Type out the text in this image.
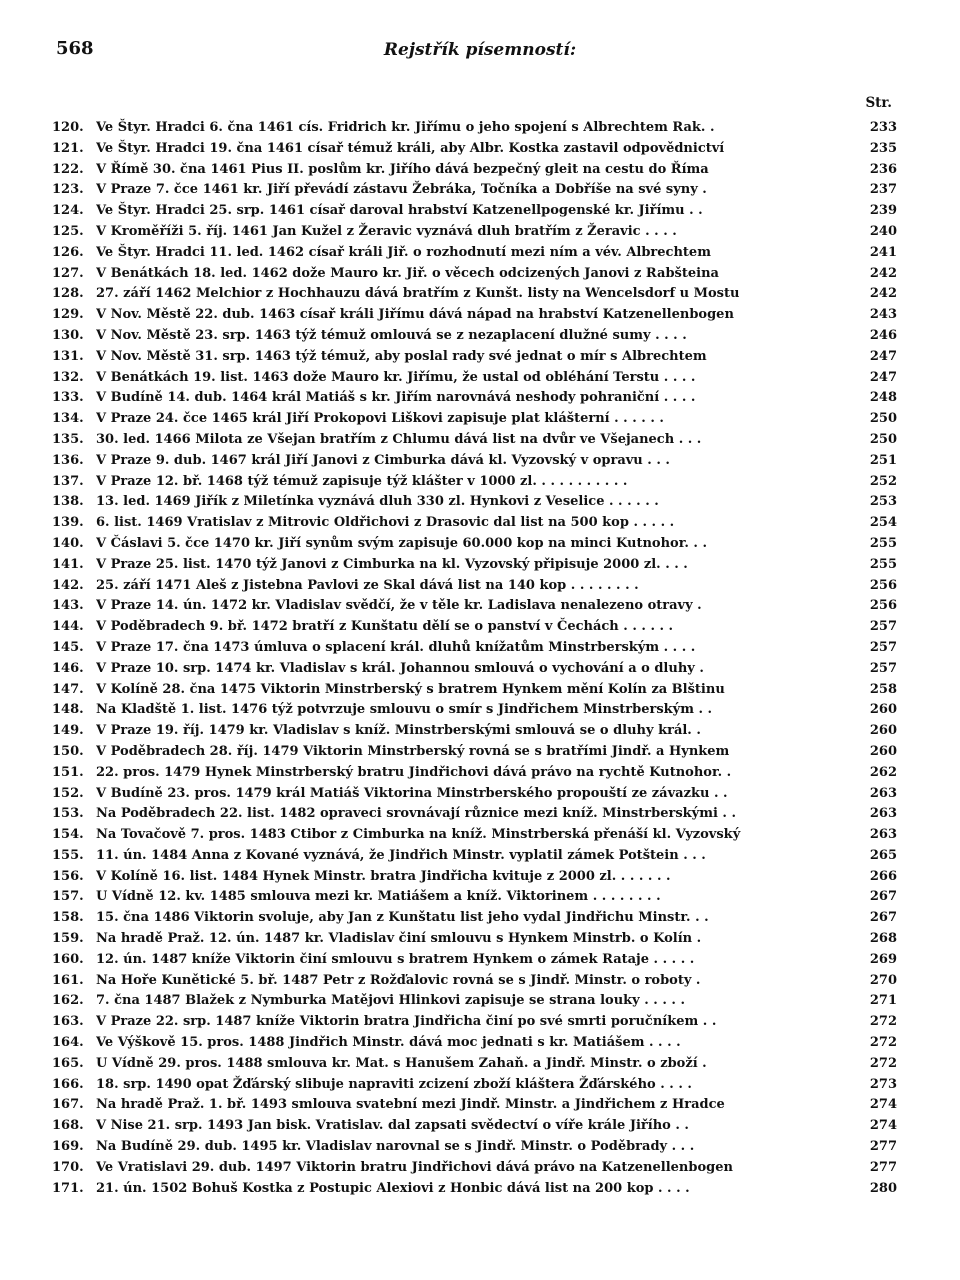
568	Rejstřík písemností:
Str.
120. Ve Štyr. Hradci 6. čna 1461 cís. Fridrich kr. Jiřímu o jeho spojení s Albrechtem Rak. .	233
121. Ve Štyr. Hradci 19. čna 1461 císař témuž králi, aby Albr. Kostka zastavil odpovědnictví	235
122. V Římě 30. čna 1461 Pius II. poslům kr. Jiřího dává bezpečný gleit na cestu do Říma	236
123. V Praze 7. čce 1461 kr. Jiří převádí zástavu Žebráka, Točníka a Dobříše na své syny .	237
124. Ve Štyr. Hradci 25. srp. 1461 císař daroval hrabství Katzenellpogenské kr. Jiřímu . .	239
125. V Kroměříži 5. říj. 1461 Jan Kužel z Žeravic vyznává dluh bratřím z Žeravic . . . .	240
126. Ve Štyr. Hradci 11. led. 1462 císař králi Jiř. o rozhodnutí mezi ním a vév. Albrechtem	241
127. V Benátkách 18. led. 1462 dože Mauro kr. Jiř. o věcech odcizených Janovi z Rabšteina	242
128. 27. září 1462 Melchior z Hochhauzu dává bratřím z Kunšt. listy na Wencelsdorf u Mostu	242
129. V Nov. Městě 22. dub. 1463 císař králi Jiřímu dává nápad na hrabství Katzenellenbogen	243
130. V Nov. Městě 23. srp. 1463 týž témuž omlouvá se z nezaplacení dlužné sumy . . . .	246
131. V Nov. Městě 31. srp. 1463 týž témuž, aby poslal rady své jednat o mír s Albrechtem	247
132. V Benátkách 19. list. 1463 dože Mauro kr. Jiřímu, že ustal od obléhání Terstu . . . .	247
133. V Budíně 14. dub. 1464 král Matiáš s kr. Jiřím narovnává neshody pohraniční . . . .	248
134. V Praze 24. čce 1465 král Jiří Prokopovi Liškovi zapisuje plat klášterní . . . . . .	250
135. 30. led. 1466 Milota ze Všejan bratřím z Chlumu dává list na dvůr ve Všejanech . . .	250
136. V Praze 9. dub. 1467 král Jiří Janovi z Cimburka dává kl. Vyzovský v opravu . . .	251
137. V Praze 12. bř. 1468 týž témuž zapisuje týž klášter v 1000 zl. . . . . . . . . . .	252
138. 13. led. 1469 Jiřík z Miletínka vyznává dluh 330 zl. Hynkovi z Veselice . . . . . .	253
139. 6. list. 1469 Vratislav z Mitrovic Oldřichovi z Drasovic dal list na 500 kop . . . . .	254
140. V Čáslavi 5. čce 1470 kr. Jiří synům svým zapisuje 60.000 kop na minci Kutnohor. . .	255
141. V Praze 25. list. 1470 týž Janovi z Cimburka na kl. Vyzovský připisuje 2000 zl. . . .	255
142. 25. září 1471 Aleš z Jistebna Pavlovi ze Skal dává list na 140 kop . . . . . . . .	256
143. V Praze 14. ún. 1472 kr. Vladislav svědčí, že v těle kr. Ladislava nenalezeno otravy .	256
144. V Poděbradech 9. bř. 1472 bratří z Kunštatu dělí se o panství v Čechách . . . . . .	257
145. V Praze 17. čna 1473 úmluva o splacení král. dluhů knížatům Minstrberským . . . .	257
146. V Praze 10. srp. 1474 kr. Vladislav s král. Johannou smlouvá o vychování a o dluhy .	257
147. V Kolíně 28. čna 1475 Viktorin Minstrberský s bratrem Hynkem mění Kolín za Blštinu	258
148. Na Kladště 1. list. 1476 týž potvrzuje smlouvu o smír s Jindřichem Minstrberským . .	260
149. V Praze 19. říj. 1479 kr. Vladislav s kníž. Minstrberskými smlouvá se o dluhy král. .	260
150. V Poděbradech 28. říj. 1479 Viktorin Minstrberský rovná se s bratřími Jindř. a Hynkem	260
151. 22. pros. 1479 Hynek Minstrberský bratru Jindřichovi dává právo na rychtě Kutnohor. .	262
152. V Budíně 23. pros. 1479 král Matiáš Viktorina Minstrberského propouští ze závazku . .	263
153. Na Poděbradech 22. list. 1482 opraveci srovnávají různice mezi kníž. Minstrberskými . .	263
154. Na Tovačově 7. pros. 1483 Ctibor z Cimburka na kníž. Minstrberská přenáší kl. Vyzovský	263
155. 11. ún. 1484 Anna z Kované vyznává, že Jindřich Minstr. vyplatil zámek Potštein . . .	265
156. V Kolíně 16. list. 1484 Hynek Minstr. bratra Jindřicha kvituje z 2000 zl. . . . . . .	266
157. U Vídně 12. kv. 1485 smlouva mezi kr. Matiášem a kníž. Viktorinem . . . . . . . .	267
158. 15. čna 1486 Viktorin svoluje, aby Jan z Kunštatu list jeho vydal Jindřichu Minstr. . .	267
159. Na hradě Praž. 12. ún. 1487 kr. Vladislav činí smlouvu s Hynkem Minstrb. o Kolín .	268
160. 12. ún. 1487 kníže Viktorin činí smlouvu s bratrem Hynkem o zámek Rataje . . . . .	269
161. Na Hoře Kunětické 5. bř. 1487 Petr z Rožďalovic rovná se s Jindř. Minstr. o roboty .	270
162. 7. čna 1487 Blažek z Nymburka Matějovi Hlinkovi zapisuje se strana louky . . . . .	271
163. V Praze 22. srp. 1487 kníže Viktorin bratra Jindřicha činí po své smrti poručníkem . .	272
164. Ve Výškově 15. pros. 1488 Jindřich Minstr. dává moc jednati s kr. Matiášem . . . .	272
165. U Vídně 29. pros. 1488 smlouva kr. Mat. s Hanušem Zahaň. a Jindř. Minstr. o zboží .	272
166. 18. srp. 1490 opat Žďárský slibuje napraviti zcizení zboží kláštera Žďárského . . . .	273
167. Na hradě Praž. 1. bř. 1493 smlouva svatební mezi Jindř. Minstr. a Jindřichem z Hradce	274
168. V Nise 21. srp. 1493 Jan bisk. Vratislav. dal zapsati svědectví o víře krále Jiřího . .	274
169. Na Budíně 29. dub. 1495 kr. Vladislav narovnal se s Jindř. Minstr. o Poděbrady . . .	277
170. Ve Vratislavi 29. dub. 1497 Viktorin bratru Jindřichovi dává právo na Katzenellenbogen	277
171. 21. ún. 1502 Bohuš Kostka z Postupic Alexiovi z Honbic dává list na 200 kop . . . .	280
